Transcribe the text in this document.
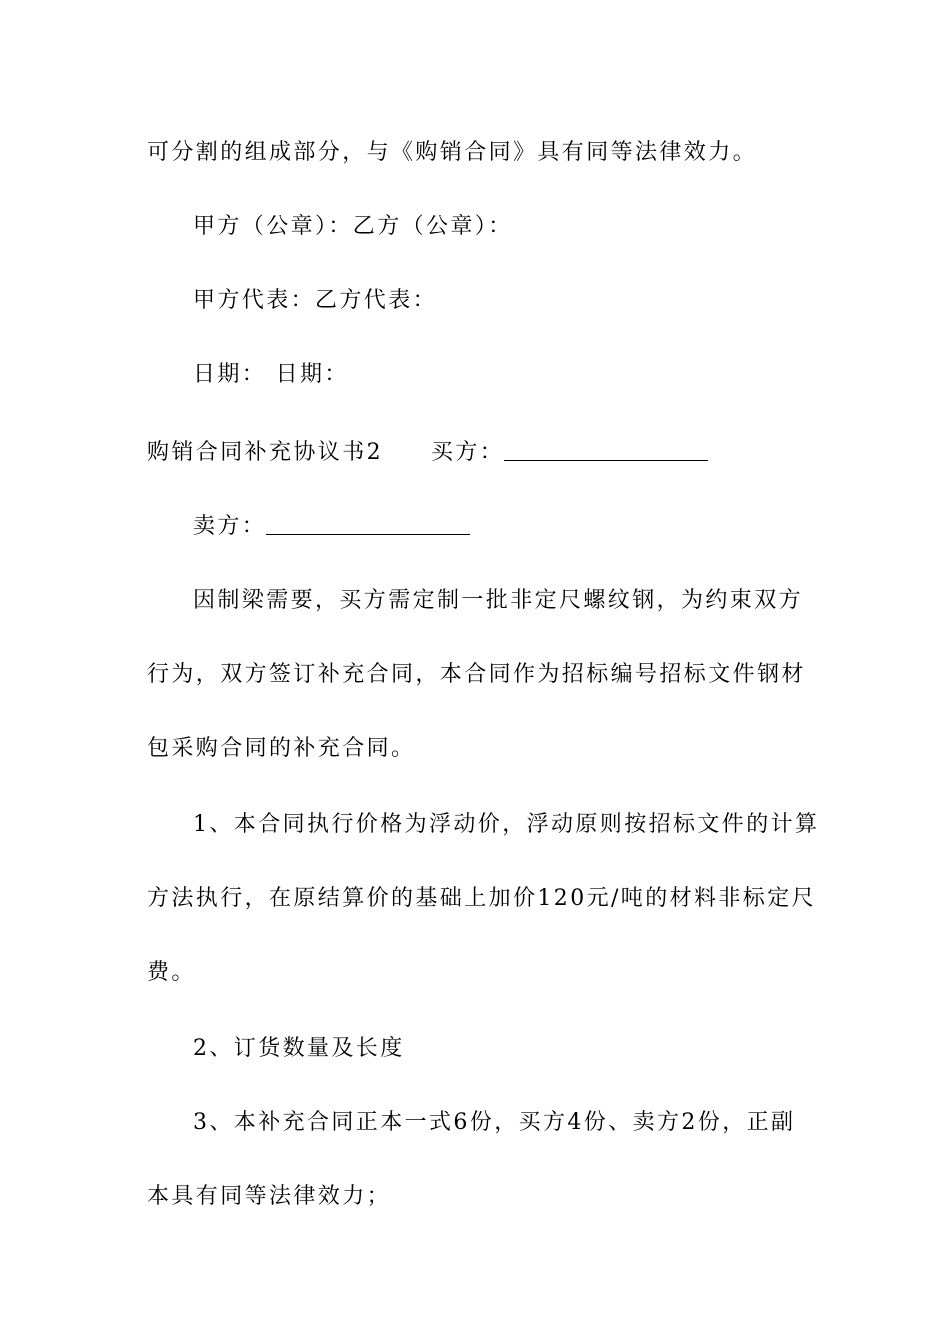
可分割的组成部分，与《购销合同》具有同等法律效力。
甲方（公章）：乙方（公章）：
甲方代表：乙方代表：
日期： 日期：
购销合同补充协议书2 买方：
卖方：
因制梁需要，买方需定制一批非定尺螺纹钢，为约束双方
行为，双方签订补充合同，本合同作为招标编号招标文件钢材
包采购合同的补充合同。
1、本合同执行价格为浮动价，浮动原则按招标文件的计算
方法执行，在原结算价的基础上加价120元/吨的材料非标定尺
费。
2、订货数量及长度
3、本补充合同正本一式6份，买方4份、卖方2份，正副
本具有同等法律效力；
